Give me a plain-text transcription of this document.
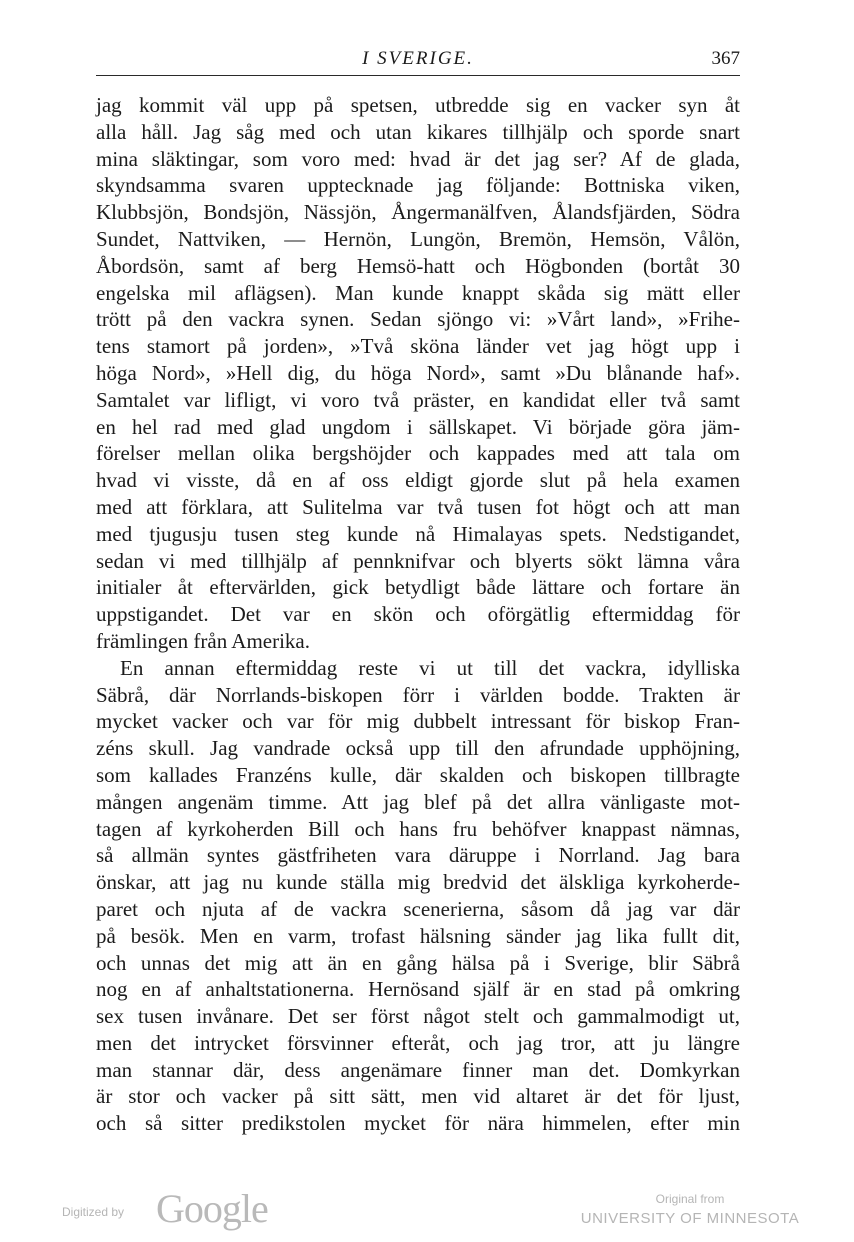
I SVERIGE.	367
jag kommit väl upp på spetsen, utbredde sig en vacker syn åt
alla håll. Jag såg med och utan kikares tillhjälp och sporde snart
mina släktingar, som voro med: hvad är det jag ser? Af de glada,
skyndsamma svaren upptecknade jag följande: Bottniska viken,
Klubbsjön, Bondsjön, Nässjön, Ångermanälfven, Ålandsfjärden, Södra
Sundet, Nattviken, — Hernön, Lungön, Bremön, Hemsön, Vålön,
Åbordsön, samt af berg Hemsö-hatt och Högbonden (bortåt 30
engelska mil aflägsen). Man kunde knappt skåda sig mätt eller
trött på den vackra synen. Sedan sjöngo vi: »Vårt land», »Frihe-
tens stamort på jorden», »Två sköna länder vet jag högt upp i
höga Nord», »Hell dig, du höga Nord», samt »Du blånande haf».
Samtalet var lifligt, vi voro två präster, en kandidat eller två samt
en hel rad med glad ungdom i sällskapet. Vi började göra jäm-
förelser mellan olika bergshöjder och kappades med att tala om
hvad vi visste, då en af oss eldigt gjorde slut på hela examen
med att förklara, att Sulitelma var två tusen fot högt och att man
med tjugusju tusen steg kunde nå Himalayas spets. Nedstigandet,
sedan vi med tillhjälp af pennknifvar och blyerts sökt lämna våra
initialer åt eftervärlden, gick betydligt både lättare och fortare än
uppstigandet. Det var en skön och oförgätlig eftermiddag för
främlingen från Amerika.
En annan eftermiddag reste vi ut till det vackra, idylliska
Säbrå, där Norrlands-biskopen förr i världen bodde. Trakten är
mycket vacker och var för mig dubbelt intressant för biskop Fran-
zéns skull. Jag vandrade också upp till den afrundade upphöjning,
som kallades Franzéns kulle, där skalden och biskopen tillbragte
mången angenäm timme. Att jag blef på det allra vänligaste mot-
tagen af kyrkoherden Bill och hans fru behöfver knappast nämnas,
så allmän syntes gästfriheten vara däruppe i Norrland. Jag bara
önskar, att jag nu kunde ställa mig bredvid det älskliga kyrkoherde-
paret och njuta af de vackra scenerierna, såsom då jag var där
på besök. Men en varm, trofast hälsning sänder jag lika fullt dit,
och unnas det mig att än en gång hälsa på i Sverige, blir Säbrå
nog en af anhaltstationerna. Hernösand själf är en stad på omkring
sex tusen invånare. Det ser först något stelt och gammalmodigt ut,
men det intrycket försvinner efteråt, och jag tror, att ju längre
man stannar där, dess angenämare finner man det. Domkyrkan
är stor och vacker på sitt sätt, men vid altaret är det för ljust,
och så sitter predikstolen mycket för nära himmelen, efter min
Digitized by Google	Original from
UNIVERSITY OF MINNESOTA
